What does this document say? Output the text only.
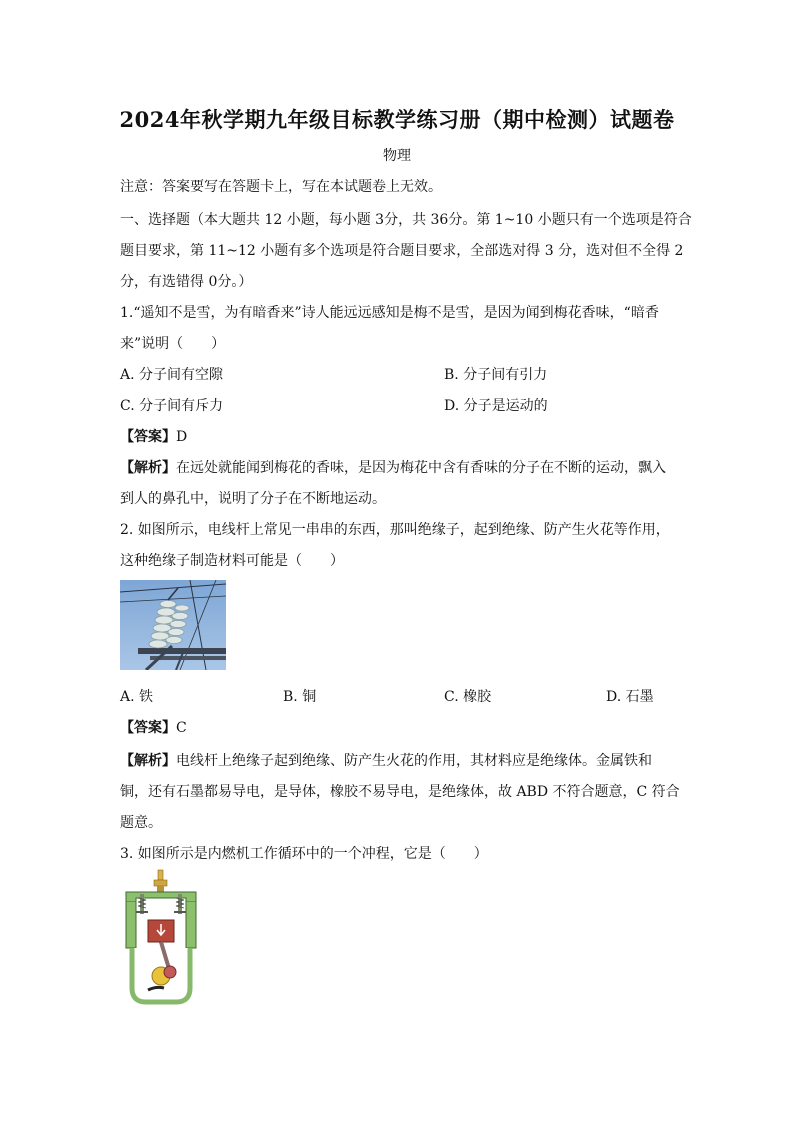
2024年秋学期九年级目标教学练习册（期中检测）试题卷
物理
注意：答案要写在答题卡上，写在本试题卷上无效。
一、选择题（本大题共 12 小题，每小题 3分，共 36分。第 1~10 小题只有一个选项是符合
题目要求，第 11~12 小题有多个选项是符合题目要求，全部选对得 3 分，选对但不全得 2
分，有选错得 0分。）
1.“遥知不是雪，为有暗香来”诗人能远远感知是梅不是雪，是因为闻到梅花香味，“暗香
来”说明（　　）
A. 分子间有空隙	B. 分子间有引力
C. 分子间有斥力	D. 分子是运动的
【答案】D
【解析】在远处就能闻到梅花的香味，是因为梅花中含有香味的分子在不断的运动，飘入
到人的鼻孔中，说明了分子在不断地运动。
2. 如图所示，电线杆上常见一串串的东西，那叫绝缘子，起到绝缘、防产生火花等作用，
这种绝缘子制造材料可能是（　　）
A. 铁	B. 铜	C. 橡胶	D. 石墨
【答案】C
【解析】电线杆上绝缘子起到绝缘、防产生火花的作用，其材料应是绝缘体。金属铁和
铜，还有石墨都易导电，是导体，橡胶不易导电，是绝缘体，故 ABD 不符合题意，C 符合
题意。
3. 如图所示是内燃机工作循环中的一个冲程，它是（　　）
